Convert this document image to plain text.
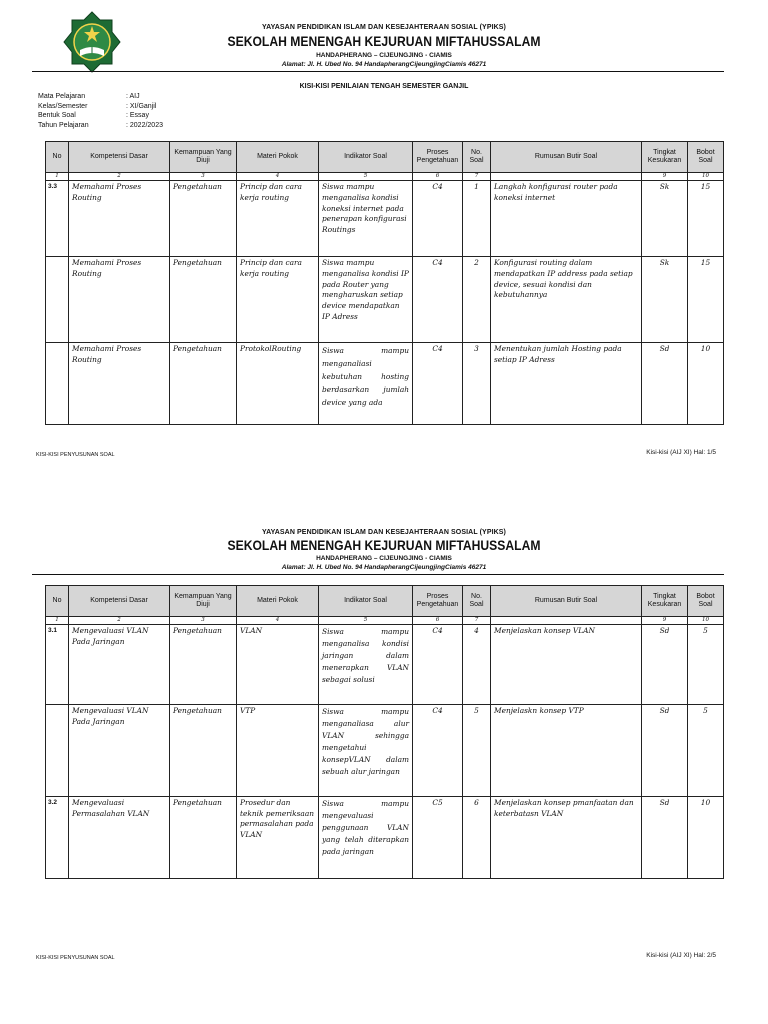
YAYASAN PENDIDIKAN ISLAM DAN KESEJAHTERAAN SOSIAL (YPIKS)
SEKOLAH MENENGAH KEJURUAN MIFTAHUSSALAM
HANDAPHERANG – CIJEUNGJING - CIAMIS
Alamat: Jl. H. Ubed No. 94 HandapherangCijeungjingCiamis 46271
KISI-KISI PENILAIAN TENGAH SEMESTER GANJIL
Mata Pelajaran	: AIJ
Kelas/Semester	: XI/Ganjil
Bentuk Soal	: Essay
Tahun Pelajaran	: 2022/2023
No	Kompetensi Dasar	Kemampuan Yang Diuji	Materi Pokok	Indikator Soal	Proses Pengetahuan	No. Soal	Rumusan Butir Soal	Tingkat Kesukaran	Bobot Soal
1	2	3	4	5	6	7		9	10
3.3	Memahami Proses Routing	Pengetahuan	Princip dan cara kerja routing	Siswa mampu menganalisa kondisi koneksi internet pada penerapan konfigurasi Routings	C4	1	Langkah konfigurasi router pada koneksi internet	Sk	15
	Memahami Proses Routing	Pengetahuan	Princip dan cara kerja routing	Siswa mampu menganalisa kondisi IP pada Router yang mengharuskan setiap device mendapatkan IP Adress	C4	2	Konfigurasi routing dalam mendapatkan IP address pada setiap device, sesuai kondisi dan kebutuhannya	Sk	15
	Memahami Proses Routing	Pengetahuan	ProtokolRouting	Siswa mampu menganaliasi kebutuhan hosting berdasarkan jumlah device yang ada	C4	3	Menentukan jumlah Hosting pada setiap IP Adress	Sd	10
KISI-KISI PENYUSUNAN SOAL	Kisi-kisi (AIJ XI) Hal: 1/5
YAYASAN PENDIDIKAN ISLAM DAN KESEJAHTERAAN SOSIAL (YPIKS)
SEKOLAH MENENGAH KEJURUAN MIFTAHUSSALAM
HANDAPHERANG – CIJEUNGJING - CIAMIS
Alamat: Jl. H. Ubed No. 94 HandapherangCijeungjingCiamis 46271
No	Kompetensi Dasar	Kemampuan Yang Diuji	Materi Pokok	Indikator Soal	Proses Pengetahuan	No. Soal	Rumusan Butir Soal	Tingkat Kesukaran	Bobot Soal
1	2	3	4	5	6	7		9	10
3.1	Mengevaluasi VLAN Pada Jaringan	Pengetahuan	VLAN	Siswa mampu menganalisa kondisi jaringan dalam menerapkan VLAN sebagai solusi	C4	4	Menjelaskan konsep VLAN	Sd	5
	Mengevaluasi VLAN Pada Jaringan	Pengetahuan	VTP	Siswa mampu menganaliasa alur VLAN sehingga mengetahui konsepVLAN dalam sebuah alur jaringan	C4	5	Menjelaskn konsep VTP	Sd	5
3.2	Mengevaluasi Permasalahan VLAN	Pengetahuan	Prosedur dan teknik pemeriksaan permasalahan pada VLAN	Siswa mampu mengevaluasi penggunaan VLAN yang telah diterapkan pada jaringan	C5	6	Menjelaskan konsep pmanfaatan dan keterbatasn VLAN	Sd	10
KISI-KISI PENYUSUNAN SOAL	Kisi-kisi (AIJ XI) Hal: 2/5
